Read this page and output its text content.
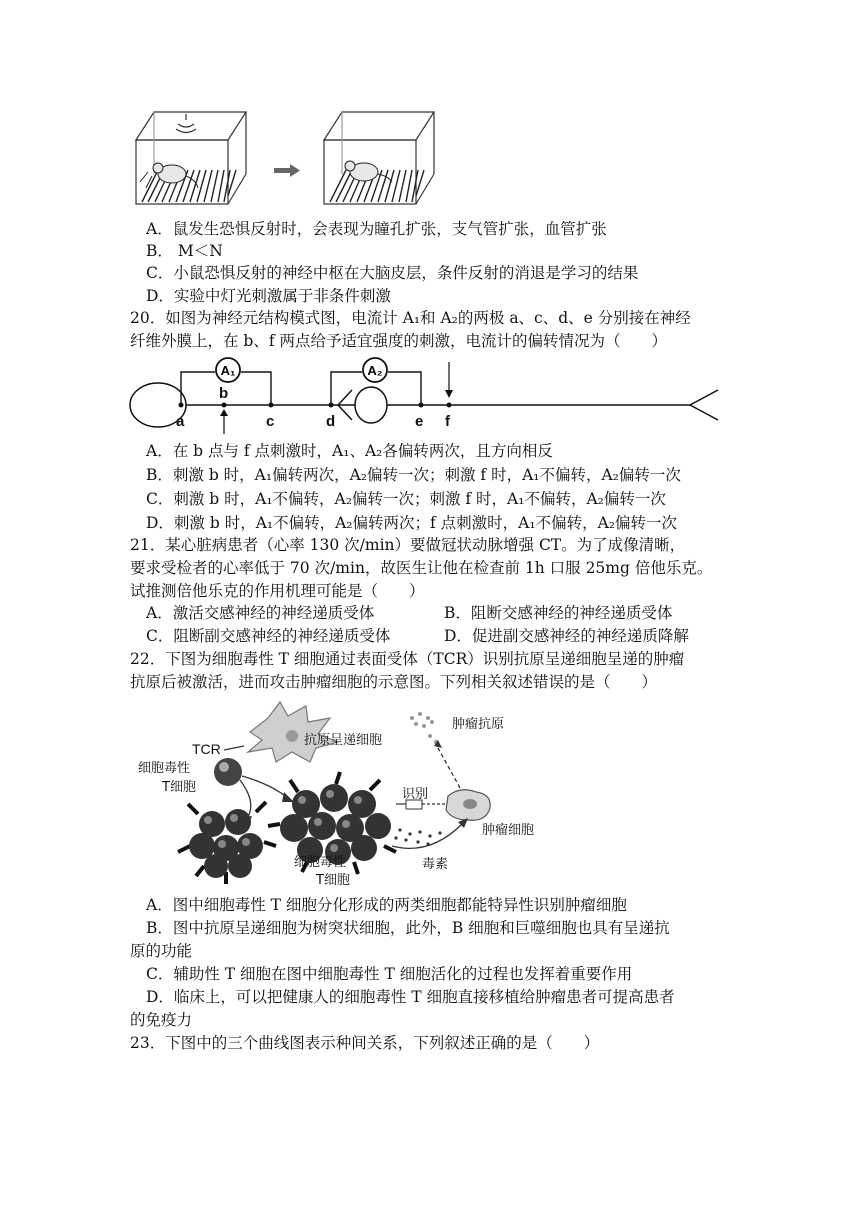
A．鼠发生恐惧反射时，会表现为瞳孔扩张，支气管扩张，血管扩张
B． M＜N
C．小鼠恐惧反射的神经中枢在大脑皮层，条件反射的消退是学习的结果
D．实验中灯光刺激属于非条件刺激
20．如图为神经元结构模式图，电流计 A₁和 A₂的两极 a、c、d、e 分别接在神经
纤维外膜上，在 b、f 两点给予适宜强度的刺激，电流计的偏转情况为（　　）
A₁	A₂
a
b
c	d	e f
A．在 b 点与 f 点刺激时，A₁、A₂各偏转两次，且方向相反
B．刺激 b 时，A₁偏转两次，A₂偏转一次；刺激 f 时，A₁不偏转，A₂偏转一次
C．刺激 b 时，A₁不偏转，A₂偏转一次；刺激 f 时，A₁不偏转，A₂偏转一次
D．刺激 b 时，A₁不偏转，A₂偏转两次；f 点刺激时，A₁不偏转，A₂偏转一次
21．某心脏病患者（心率 130 次/min）要做冠状动脉增强 CT。为了成像清晰，
要求受检者的心率低于 70 次/min，故医生让他在检查前 1h 口服 25mg 倍他乐克。
试推测倍他乐克的作用机理可能是（　　）
A．激活交感神经的神经递质受体	B．阻断交感神经的神经递质受体
C．阻断副交感神经的神经递质受体	D．促进副交感神经的神经递质降解
22．下图为细胞毒性 T 细胞通过表面受体（TCR）识别抗原呈递细胞呈递的肿瘤
抗原后被激活，进而攻击肿瘤细胞的示意图。下列相关叙述错误的是（　　）
抗原呈递细胞
肿瘤抗原
TCR
细胞毒性
T细胞
细胞毒性
T细胞
识别
肿瘤细胞
毒素
A．图中细胞毒性 T 细胞分化形成的两类细胞都能特异性识别肿瘤细胞
B．图中抗原呈递细胞为树突状细胞，此外，B 细胞和巨噬细胞也具有呈递抗
原的功能
C．辅助性 T 细胞在图中细胞毒性 T 细胞活化的过程也发挥着重要作用
D．临床上，可以把健康人的细胞毒性 T 细胞直接移植给肿瘤患者可提高患者
的免疫力
23．下图中的三个曲线图表示种间关系，下列叙述正确的是（　　）
